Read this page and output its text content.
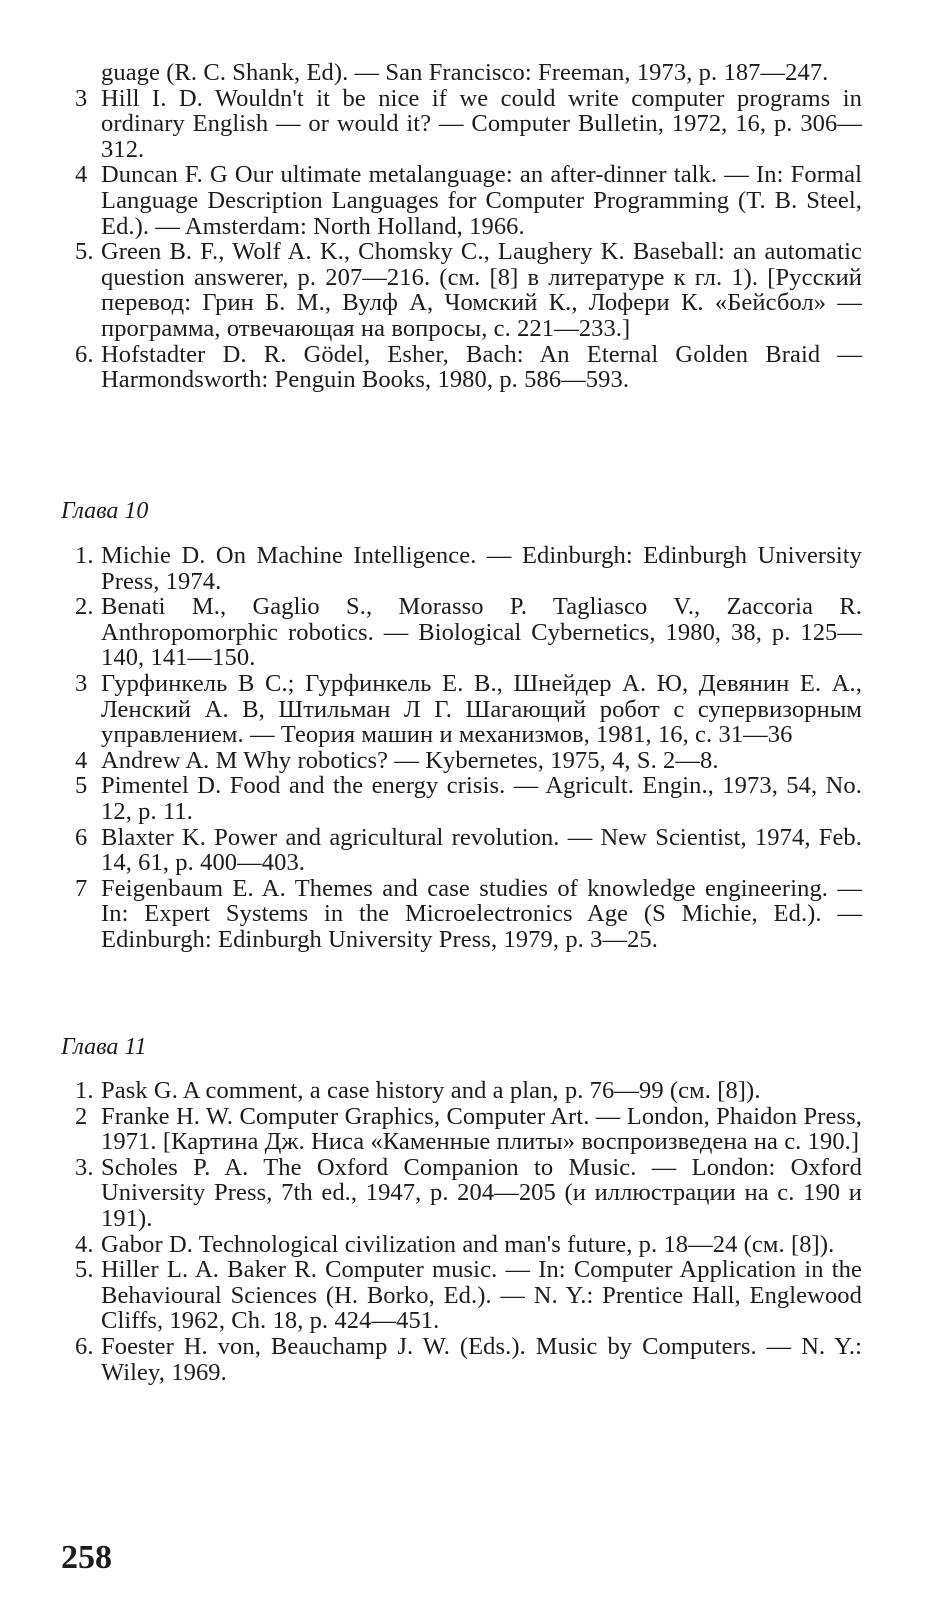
guage (R. C. Shank, Ed). — San Francisco: Freeman, 1973, p. 187—247.
3 Hill I. D. Wouldn't it be nice if we could write computer programs in ordinary English — or would it? — Computer Bulletin, 1972, 16, p. 306—312.
4 Duncan F. G Our ultimate metalanguage: an after-dinner talk. — In: Formal Language Description Languages for Computer Programming (T. B. Steel, Ed.). — Amsterdam: North Holland, 1966.
5. Green B. F., Wolf A. K., Chomsky C., Laughery K. Baseball: an automatic question answerer, p. 207—216. (см. [8] в литературе к гл. 1). [Русский перевод: Грин Б. М., Вулф А, Чомский К., Лофери К. «Бейсбол» — программа, отвечающая на вопросы, с. 221—233.]
6. Hofstadter D. R. Gödel, Esher, Bach: An Eternal Golden Braid — Harmondsworth: Penguin Books, 1980, p. 586—593.
Глава 10
1. Michie D. On Machine Intelligence. — Edinburgh: Edinburgh University Press, 1974.
2. Benati M., Gaglio S., Morasso P. Tagliasco V., Zaccoria R. Anthropomorphic robotics. — Biological Cybernetics, 1980, 38, p. 125—140, 141—150.
3 Гурфинкель В С.; Гурфинкель Е. В., Шнейдер А. Ю, Девянин Е. А., Ленский А. В, Штильман Л Г. Шагающий робот с супервизорным управлением. — Теория машин и механизмов, 1981, 16, с. 31—36
4 Andrew A. M Why robotics? — Kybernetes, 1975, 4, S. 2—8.
5 Pimentel D. Food and the energy crisis. — Agricult. Engin., 1973, 54, No. 12, p. 11.
6 Blaxter K. Power and agricultural revolution. — New Scientist, 1974, Feb. 14, 61, p. 400—403.
7 Feigenbaum E. A. Themes and case studies of knowledge engineering. — In: Expert Systems in the Microelectronics Age (S Michie, Ed.). — Edinburgh: Edinburgh University Press, 1979, p. 3—25.
Глава 11
1. Pask G. A comment, a case history and a plan, p. 76—99 (см. [8]).
2 Franke H. W. Computer Graphics, Computer Art. — London, Phaidon Press, 1971. [Картина Дж. Ниса «Каменные плиты» воспроизведена на с. 190.]
3. Scholes P. A. The Oxford Companion to Music. — London: Oxford University Press, 7th ed., 1947, p. 204—205 (и иллюстрации на с. 190 и 191).
4. Gabor D. Technological civilization and man's future, p. 18—24 (см. [8]).
5. Hiller L. A. Baker R. Computer music. — In: Computer Application in the Behavioural Sciences (H. Borko, Ed.). — N. Y.: Prentice Hall, Englewood Cliffs, 1962, Ch. 18, p. 424—451.
6. Foester H. von, Beauchamp J. W. (Eds.). Music by Computers. — N. Y.: Wiley, 1969.
258
